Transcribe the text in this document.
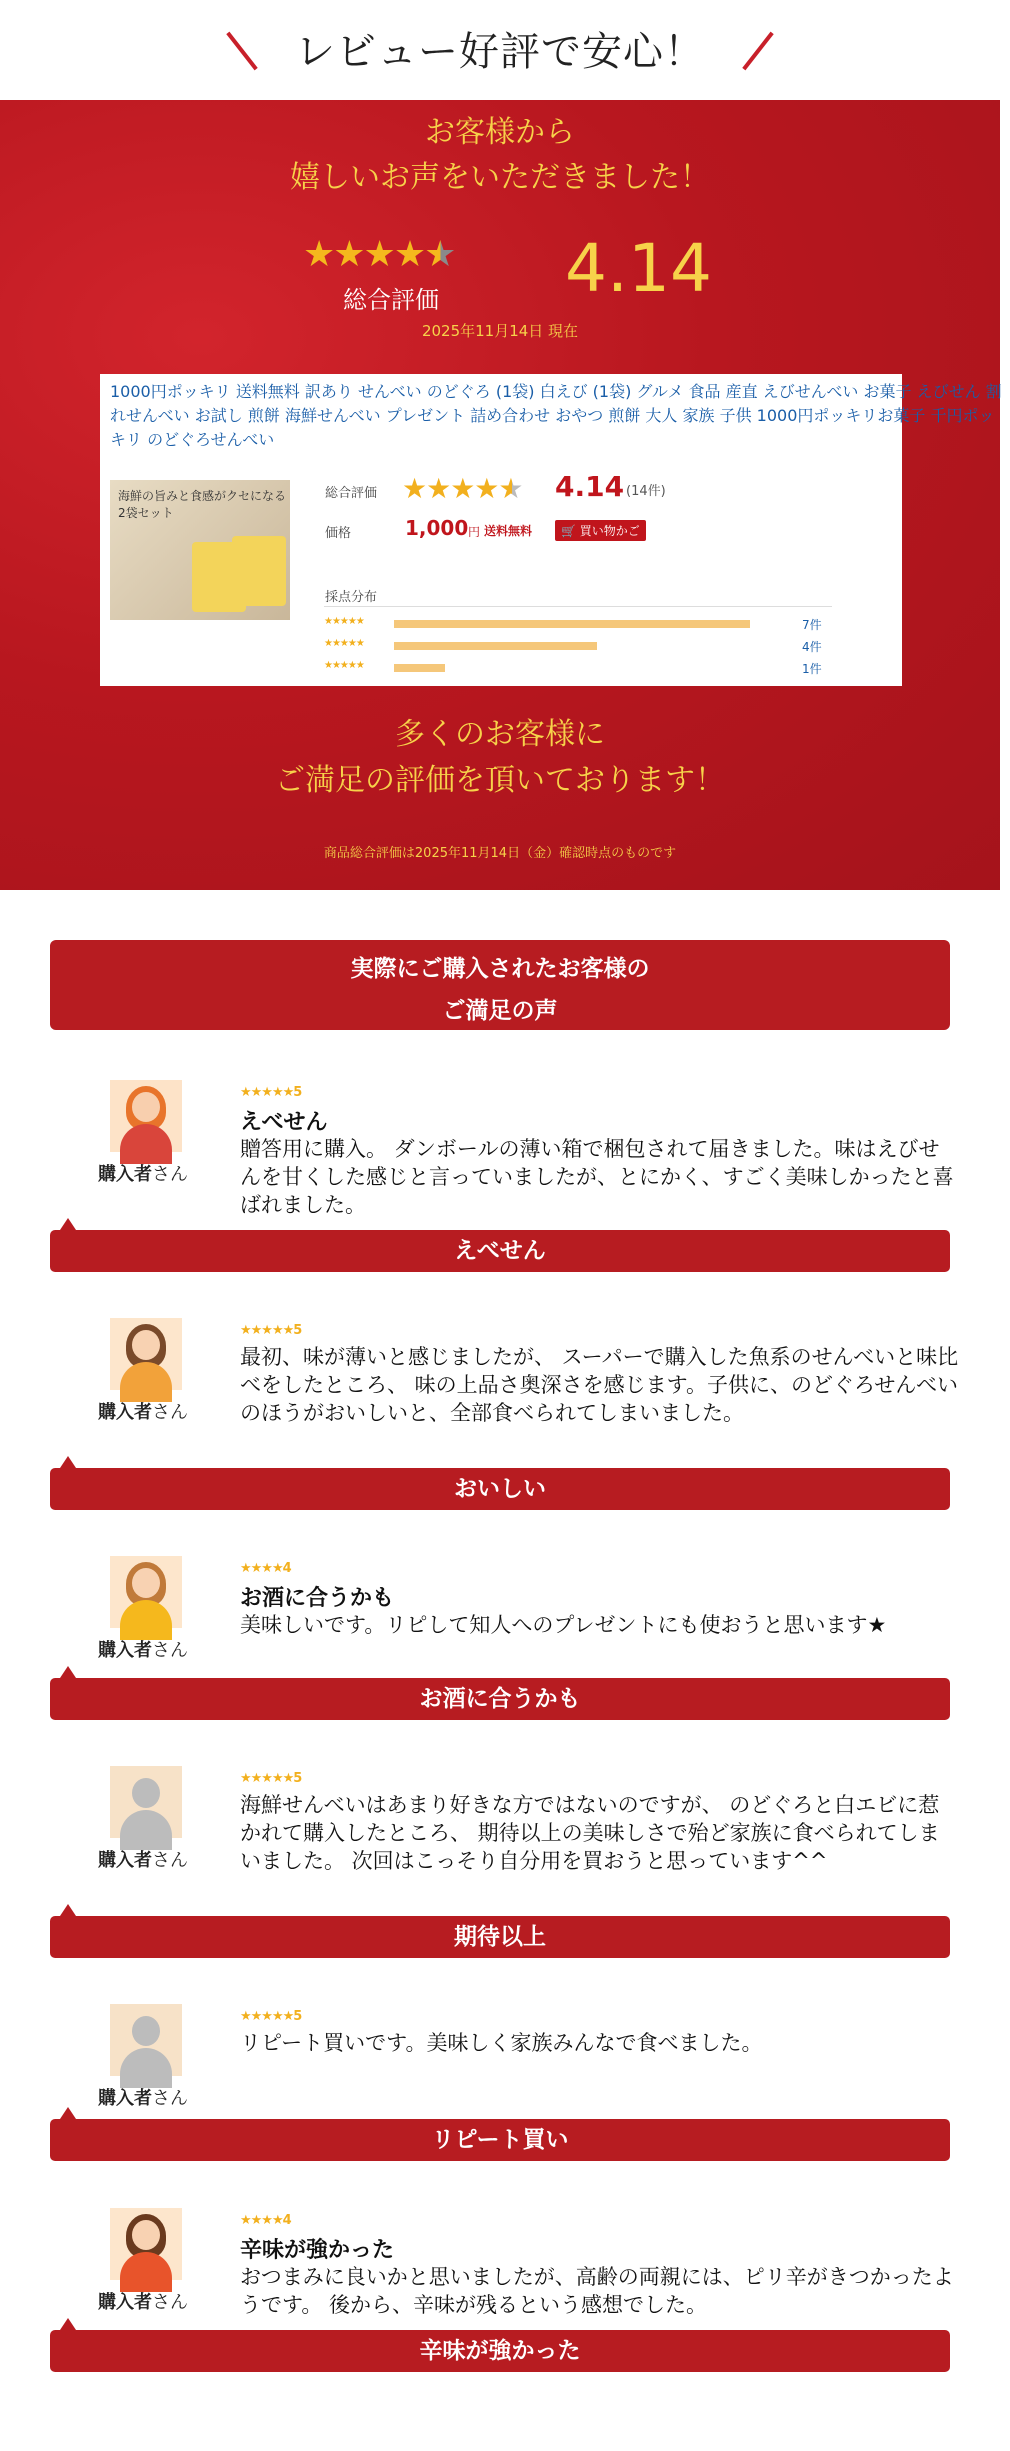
レビュー好評で安心！
お客様から
嬉しいお声をいただきました！
★★★★★
総合評価 4.14
2025年11月14日 現在
1000円ポッキリ 送料無料 訳あり せんべい のどぐろ (1袋) 白えび (1袋) グルメ 食品 産直 えびせんべい お菓子 えびせん 割れせんべい お試し 煎餅 海鮮せんべい プレゼント 詰め合わせ おやつ 煎餅 大人 家族 子供 1000円ポッキリお菓子 千円ポッキリ のどぐろせんべい
海鮮の旨みと食感がクセになる 2袋セット
総合評価 ★★★★★ 4.14 (14件)
価格	1,000 円 送料無料	🛒 買い物かご
採点分布
★★★★★	7件
★★★★★	4件
★★★★★	1件
多くのお客様に
ご満足の評価を頂いております！
商品総合評価は2025年11月14日（金）確認時点のものです
実際にご購入されたお客様の
ご満足の声
購入者さん
★★★★★5
えべせん
贈答用に購入。 ダンボールの薄い箱で梱包されて届きました。味はえびせんを甘くした感じと言っていましたが、とにかく、すごく美味しかったと喜ばれました。
えべせん
購入者さん
★★★★★5
最初、味が薄いと感じましたが、 スーパーで購入した魚系のせんべいと味比べをしたところ、 味の上品さ奥深さを感じます。子供に、のどぐろせんべいのほうがおいしいと、全部食べられてしまいました。
おいしい
購入者さん
★★★★4
お酒に合うかも
美味しいです。リピして知人へのプレゼントにも使おうと思います★
お酒に合うかも
購入者さん
★★★★★5
海鮮せんべいはあまり好きな方ではないのですが、 のどぐろと白エビに惹かれて購入したところ、 期待以上の美味しさで殆ど家族に食べられてしまいました。 次回はこっそり自分用を買おうと思っています^^
期待以上
購入者さん
★★★★★5
リピート買いです。美味しく家族みんなで食べました。
リピート買い
購入者さん
★★★★4
辛味が強かった
おつまみに良いかと思いましたが、高齢の両親には、ピリ辛がきつかったようです。 後から、辛味が残るという感想でした。
辛味が強かった
